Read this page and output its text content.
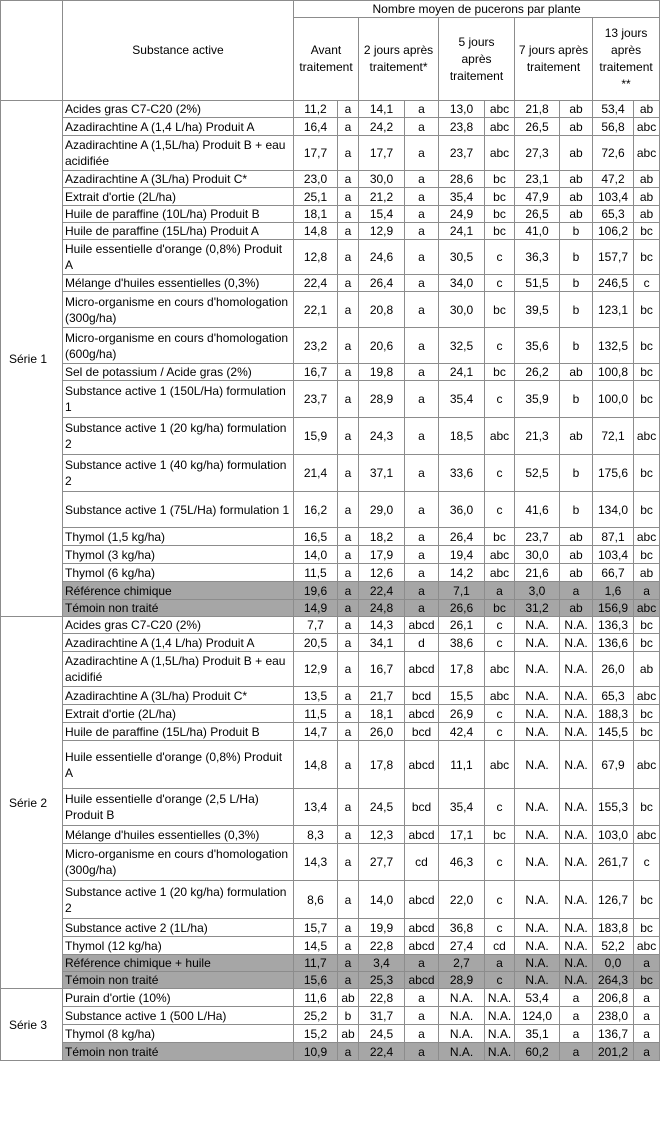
	Substance active	Nombre moyen de pucerons par plante									
		Avant traitement		2 jours après traitement*		5 jours après traitement		7 jours après traitement		13 jours après traitement **	
Série 1	Acides gras C7-C20 (2%)	11,2	a	14,1	a	13,0	abc	21,8	ab	53,4	ab
	Azadirachtine A (1,4 L/ha) Produit A	16,4	a	24,2	a	23,8	abc	26,5	ab	56,8	abc
	Azadirachtine A (1,5L/ha) Produit B + eau acidifiée	17,7	a	17,7	a	23,7	abc	27,3	ab	72,6	abc
	Azadirachtine A (3L/ha) Produit C*	23,0	a	30,0	a	28,6	bc	23,1	ab	47,2	ab
	Extrait d'ortie (2L/ha)	25,1	a	21,2	a	35,4	bc	47,9	ab	103,4	ab
	Huile de paraffine (10L/ha) Produit B	18,1	a	15,4	a	24,9	bc	26,5	ab	65,3	ab
	Huile de paraffine (15L/ha) Produit A	14,8	a	12,9	a	24,1	bc	41,0	b	106,2	bc
	Huile essentielle d'orange (0,8%) Produit A	12,8	a	24,6	a	30,5	c	36,3	b	157,7	bc
	Mélange d'huiles essentielles (0,3%)	22,4	a	26,4	a	34,0	c	51,5	b	246,5	c
	Micro-organisme en cours d'homologation (300g/ha)	22,1	a	20,8	a	30,0	bc	39,5	b	123,1	bc
	Micro-organisme en cours d'homologation (600g/ha)	23,2	a	20,6	a	32,5	c	35,6	b	132,5	bc
	Sel de potassium / Acide gras (2%)	16,7	a	19,8	a	24,1	bc	26,2	ab	100,8	bc
	Substance active 1 (150L/Ha) formulation 1	23,7	a	28,9	a	35,4	c	35,9	b	100,0	bc
	Substance active 1 (20 kg/ha) formulation 2	15,9	a	24,3	a	18,5	abc	21,3	ab	72,1	abc
	Substance active 1 (40 kg/ha) formulation 2	21,4	a	37,1	a	33,6	c	52,5	b	175,6	bc
	Substance active 1 (75L/Ha) formulation 1	16,2	a	29,0	a	36,0	c	41,6	b	134,0	bc
	Thymol (1,5 kg/ha)	16,5	a	18,2	a	26,4	bc	23,7	ab	87,1	abc
	Thymol (3 kg/ha)	14,0	a	17,9	a	19,4	abc	30,0	ab	103,4	bc
	Thymol (6 kg/ha)	11,5	a	12,6	a	14,2	abc	21,6	ab	66,7	ab
	Référence chimique	19,6	a	22,4	a	7,1	a	3,0	a	1,6	a
	Témoin non traité	14,9	a	24,8	a	26,6	bc	31,2	ab	156,9	abc
Série 2	Acides gras C7-C20 (2%)	7,7	a	14,3	abcd	26,1	c	N.A.	N.A.	136,3	bc
	Azadirachtine A (1,4 L/ha) Produit A	20,5	a	34,1	d	38,6	c	N.A.	N.A.	136,6	bc
	Azadirachtine A (1,5L/ha) Produit B + eau acidifié	12,9	a	16,7	abcd	17,8	abc	N.A.	N.A.	26,0	ab
	Azadirachtine A (3L/ha) Produit C*	13,5	a	21,7	bcd	15,5	abc	N.A.	N.A.	65,3	abc
	Extrait d'ortie (2L/ha)	11,5	a	18,1	abcd	26,9	c	N.A.	N.A.	188,3	bc
	Huile de paraffine (15L/ha) Produit B	14,7	a	26,0	bcd	42,4	c	N.A.	N.A.	145,5	bc
	Huile essentielle d'orange (0,8%) Produit A	14,8	a	17,8	abcd	11,1	abc	N.A.	N.A.	67,9	abc
	Huile essentielle d'orange (2,5 L/Ha) Produit B	13,4	a	24,5	bcd	35,4	c	N.A.	N.A.	155,3	bc
	Mélange d'huiles essentielles (0,3%)	8,3	a	12,3	abcd	17,1	bc	N.A.	N.A.	103,0	abc
	Micro-organisme en cours d'homologation (300g/ha)	14,3	a	27,7	cd	46,3	c	N.A.	N.A.	261,7	c
	Substance active 1 (20 kg/ha) formulation 2	8,6	a	14,0	abcd	22,0	c	N.A.	N.A.	126,7	bc
	Substance active 2 (1L/ha)	15,7	a	19,9	abcd	36,8	c	N.A.	N.A.	183,8	bc
	Thymol (12 kg/ha)	14,5	a	22,8	abcd	27,4	cd	N.A.	N.A.	52,2	abc
	Référence chimique + huile	11,7	a	3,4	a	2,7	a	N.A.	N.A.	0,0	a
	Témoin non traité	15,6	a	25,3	abcd	28,9	c	N.A.	N.A.	264,3	bc
Série 3	Purain d'ortie (10%)	11,6	ab	22,8	a	N.A.	N.A.	53,4	a	206,8	a
	Substance active 1 (500 L/Ha)	25,2	b	31,7	a	N.A.	N.A.	124,0	a	238,0	a
	Thymol (8 kg/ha)	15,2	ab	24,5	a	N.A.	N.A.	35,1	a	136,7	a
	Témoin non traité	10,9	a	22,4	a	N.A.	N.A.	60,2	a	201,2	a
